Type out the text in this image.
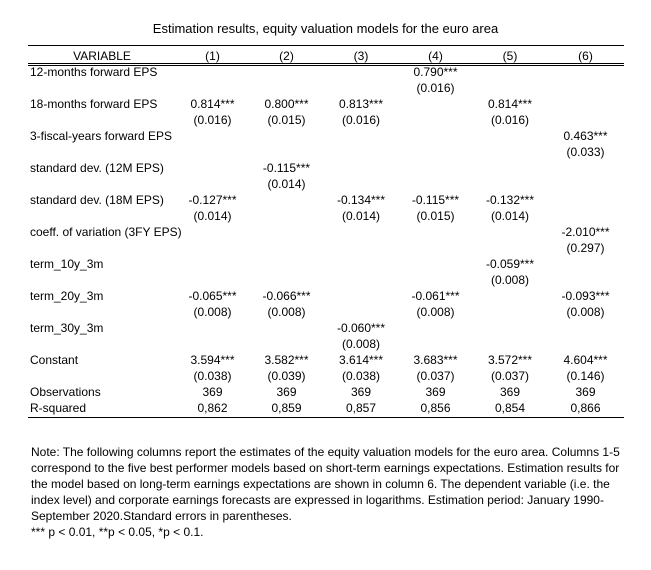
Estimation results, equity valuation models for the euro area
VARIABLE	(1)	(2)	(3)	(4)	(5)	(6)
12-months forward EPS				0.790***		
				(0.016)		
18-months forward EPS	0.814***	0.800***	0.813***		0.814***	
	(0.016)	(0.015)	(0.016)		(0.016)	
3-fiscal-years forward EPS						0.463***
						(0.033)
standard dev. (12M EPS)		-0.115***				
		(0.014)				
standard dev. (18M EPS)	-0.127***		-0.134***	-0.115***	-0.132***	
	(0.014)		(0.014)	(0.015)	(0.014)	
coeff. of variation (3FY EPS)						-2.010***
						(0.297)
term_10y_3m					-0.059***	
					(0.008)	
term_20y_3m	-0.065***	-0.066***		-0.061***		-0.093***
	(0.008)	(0.008)		(0.008)		(0.008)
term_30y_3m			-0.060***			
			(0.008)			
Constant	3.594***	3.582***	3.614***	3.683***	3.572***	4.604***
	(0.038)	(0.039)	(0.038)	(0.037)	(0.037)	(0.146)
Observations	369	369	369	369	369	369
R-squared	0,862	0,859	0,857	0,856	0,854	0,866

Note: The following columns report the estimates of the equity valuation models for the euro area. Columns 1-5 correspond to the five best performer models based on short-term earnings expectations. Estimation results for the model based on long-term earnings expectations are shown in column 6. The dependent variable (i.e. the index level) and corporate earnings forecasts are expressed in logarithms. Estimation period: January 1990-September 2020.Standard errors in parentheses.

*** p < 0.01, **p < 0.05, *p < 0.1.
